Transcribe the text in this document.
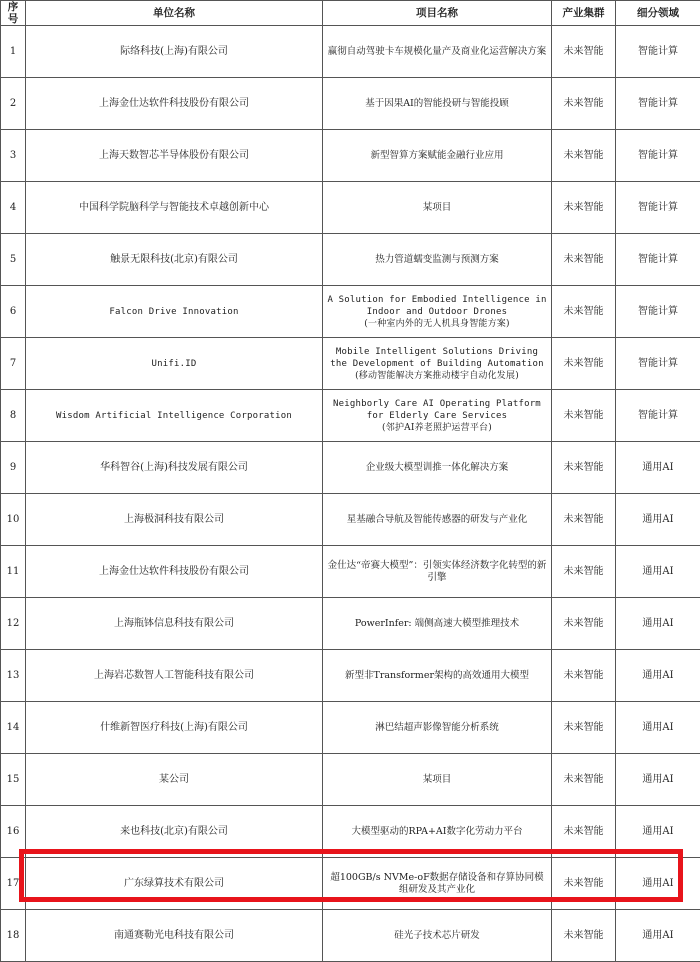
序号	单位名称	项目名称	产业集群	细分领域
1	际络科技(上海)有限公司	赢彻自动驾驶卡车规模化量产及商业化运营解决方案	未来智能	智能计算
2	上海金仕达软件科技股份有限公司	基于因果AI的智能投研与智能投顾	未来智能	智能计算
3	上海天数智芯半导体股份有限公司	新型智算方案赋能金融行业应用	未来智能	智能计算
4	中国科学院脑科学与智能技术卓越创新中心	某项目	未来智能	智能计算
5	触景无限科技(北京)有限公司	热力管道蠕变监测与预测方案	未来智能	智能计算
6	Falcon Drive Innovation	A Solution for Embodied Intelligence in Indoor and Outdoor Drones
(一种室内外的无人机具身智能方案)	未来智能	智能计算
7	Unifi.ID	Mobile Intelligent Solutions Driving the Development of Building Automation
(移动智能解决方案推动楼宇自动化发展)	未来智能	智能计算
8	Wisdom Artificial Intelligence Corporation	Neighborly Care AI Operating Platform for Elderly Care Services
(邻护AI养老照护运营平台)	未来智能	智能计算
9	华科智谷(上海)科技发展有限公司	企业级大模型训推一体化解决方案	未来智能	通用AI
10	上海极洞科技有限公司	星基融合导航及智能传感器的研发与产业化	未来智能	通用AI
11	上海金仕达软件科技股份有限公司	金仕达“帝赛大模型”：引领实体经济数字化转型的新引擎	未来智能	通用AI
12	上海瓶钵信息科技有限公司	PowerInfer: 端侧高速大模型推理技术	未来智能	通用AI
13	上海岩芯数智人工智能科技有限公司	新型非Transformer架构的高效通用大模型	未来智能	通用AI
14	什维新智医疗科技(上海)有限公司	淋巴结超声影像智能分析系统	未来智能	通用AI
15	某公司	某项目	未来智能	通用AI
16	来也科技(北京)有限公司	大模型驱动的RPA+AI数字化劳动力平台	未来智能	通用AI
17	广东绿算技术有限公司	超100GB/s NVMe-oF数据存储设备和存算协同模组研发及其产业化	未来智能	通用AI
18	南通赛勒光电科技有限公司	硅光子技术芯片研发	未来智能	通用AI
